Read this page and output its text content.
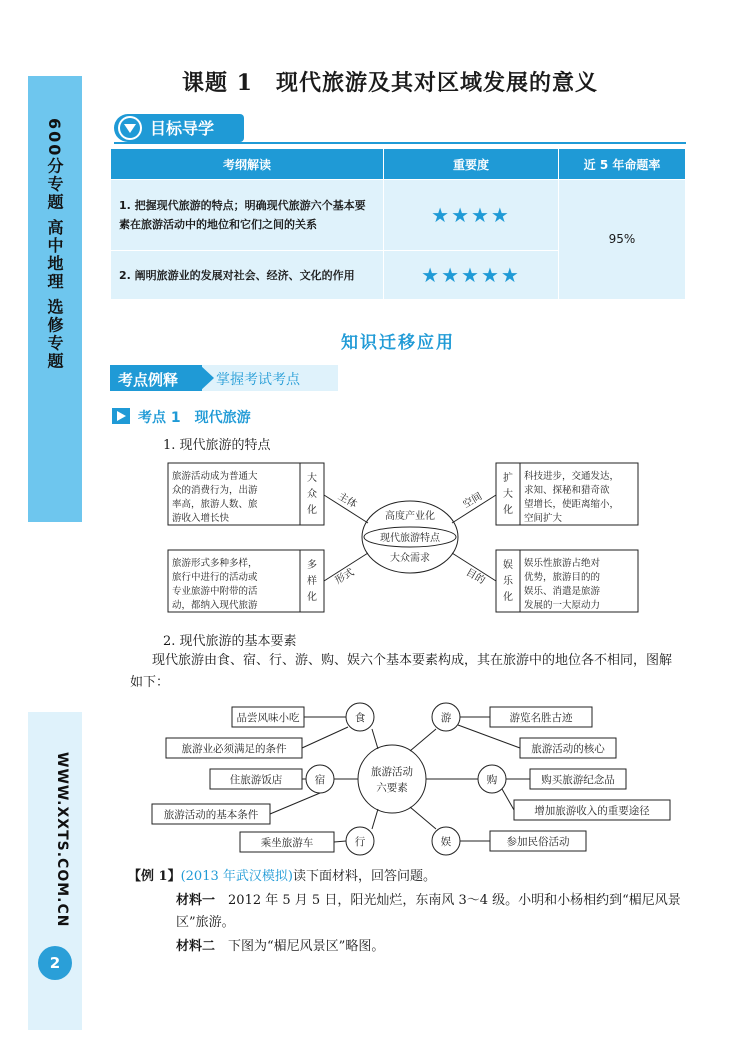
600分专题 高中地理 选修专题
WWW.XXTS.COM.CN
2
课题 1　现代旅游及其对区域发展的意义
目标导学
考纲解读	重要度	近 5 年命题率
1. 把握现代旅游的特点；明确现代旅游六个基本要素在旅游活动中的地位和它们之间的关系	★★★★	95%
2. 阐明旅游业的发展对社会、经济、文化的作用	★★★★★	
知识迁移应用
考点例释	掌握考试考点
考点 1　现代旅游
1. 现代旅游的特点
旅游活动成为普通大
众的消费行为，出游
率高，旅游人数、旅
游收入增长快
科技进步，交通发达，
求知、探秘和猎奇欲
望增长，使距离缩小，
空间扩大
旅游形式多种多样，
旅行中进行的活动或
专业旅游中附带的活
动，都纳入现代旅游
娱乐性旅游占绝对
优势，旅游目的的
娱乐、消遣是旅游
发展的一大原动力
大
众
化
扩
大
化
多
样
化
娱
乐
化
主体	空间
形式	目的
高度产业化
现代旅游特点
大众需求
2. 现代旅游的基本要素
现代旅游由食、宿、行、游、购、娱六个基本要素构成，其在旅游中的地位各不相同，图解
如下：
旅游活动
六要素
食
宿
行
游
购
娱
品尝风味小吃
旅游业必须满足的条件
住旅游饭店
旅游活动的基本条件
乘坐旅游车
游览名胜古迹
旅游活动的核心
购买旅游纪念品
增加旅游收入的重要途径
参加民俗活动
【例 1】(2013 年武汉模拟)读下面材料，回答问题。
材料一　 2012 年 5 月 5 日，阳光灿烂，东南风 3～4 级。小明和小杨相约到“楣尼风景
区”旅游。
材料二　 下图为“楣尼风景区”略图。
